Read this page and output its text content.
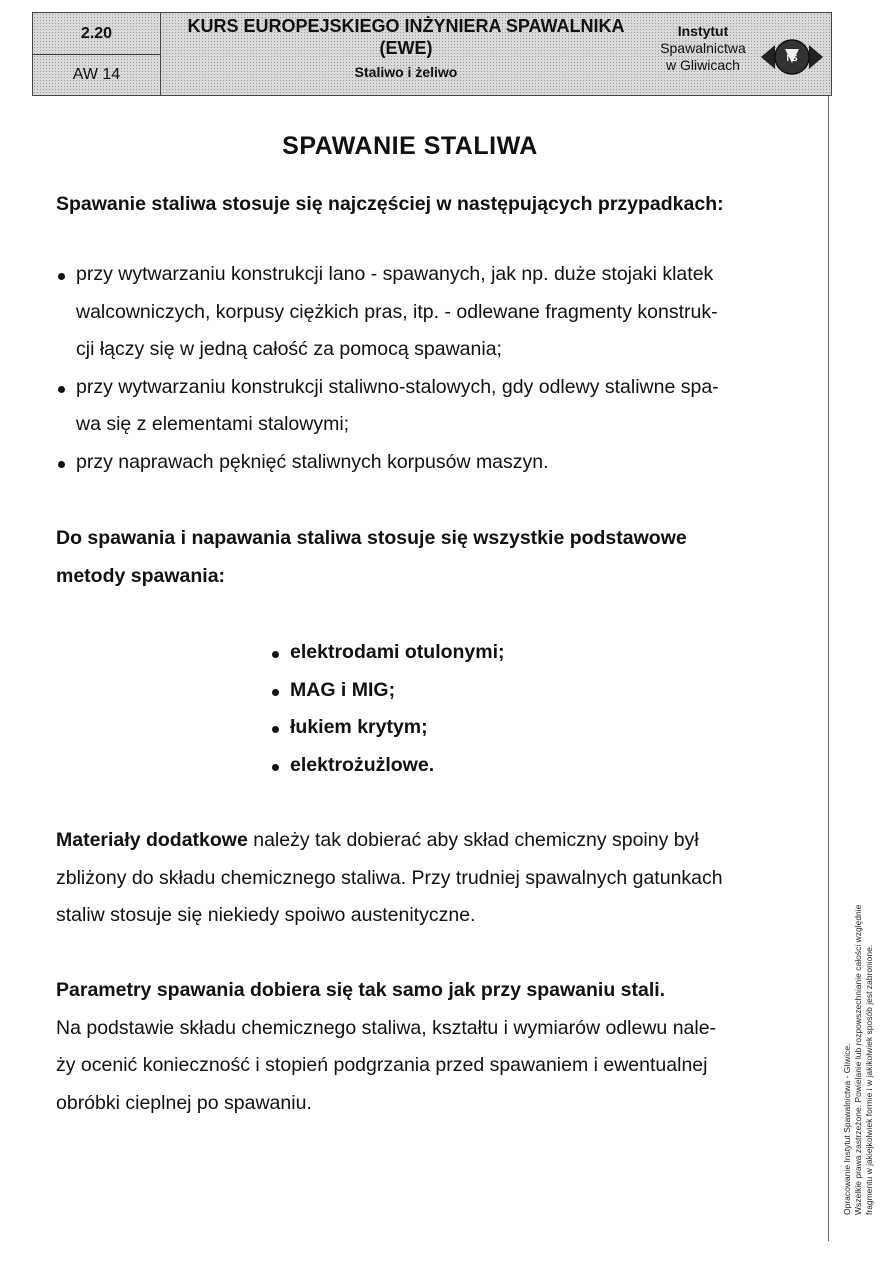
2.20
AW 14
KURS EUROPEJSKIEGO INŻYNIERA SPAWALNIKA
(EWE)
Staliwo i żeliwo
Instytut
Spawalnictwa
w Gliwicach	I S
SPAWANIE STALIWA
Spawanie staliwa stosuje się najczęściej w następujących przypadkach:
przy wytwarzaniu konstrukcji lano - spawanych, jak np. duże stojaki klatek
walcowniczych, korpusy ciężkich pras, itp. - odlewane fragmenty konstruk-
cji łączy się w jedną całość za pomocą spawania;
przy wytwarzaniu konstrukcji staliwno-stalowych, gdy odlewy staliwne spa-
wa się z elementami stalowymi;
przy naprawach pęknięć staliwnych korpusów maszyn.
Do spawania i napawania staliwa stosuje się wszystkie podstawowe
metody spawania:
elektrodami otulonymi;
MAG i MIG;
łukiem krytym;
elektrożużlowe.
Materiały dodatkowe należy tak dobierać aby skład chemiczny spoiny był
zbliżony do składu chemicznego staliwa. Przy trudniej spawalnych gatunkach
staliw stosuje się niekiedy spoiwo austenityczne.
Parametry spawania dobiera się tak samo jak przy spawaniu stali.
Na podstawie składu chemicznego staliwa, kształtu i wymiarów odlewu nale-
ży ocenić konieczność i stopień podgrzania przed spawaniem i ewentualnej
obróbki cieplnej po spawaniu.	Opracowanie Instytut Spawalnictwa - Gliwice. Wszelkie prawa zastrzeżone. Powielanie lub rozpowszechnianie całości względnie fragmentu w jakiejkolwiek formie i w jakikolwiek sposób jest zabronione.
